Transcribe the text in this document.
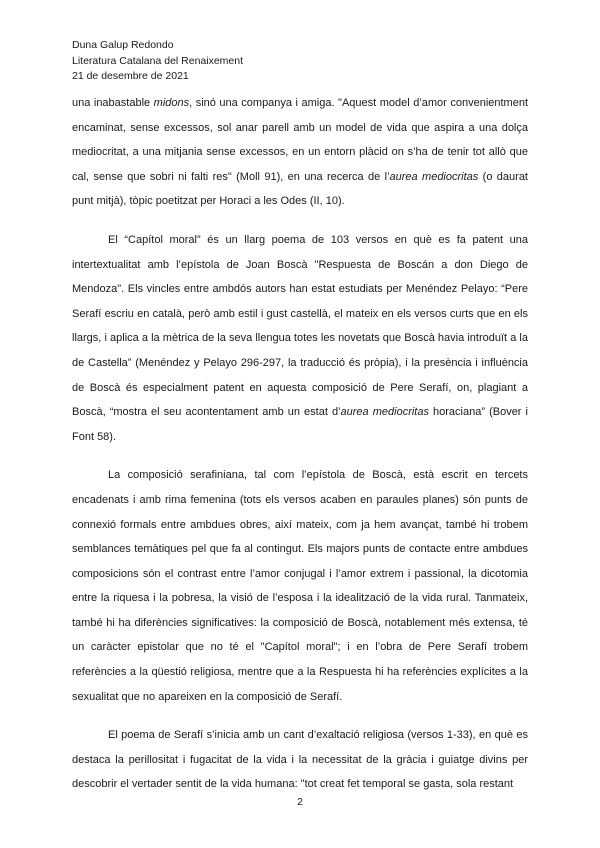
Duna Galup Redondo
Literatura Catalana del Renaixement
21 de desembre de 2021

una inabastable midons, sinó una companya i amiga. "Aquest model d’amor convenientment encaminat, sense excessos, sol anar parell amb un model de vida que aspira a una dolça mediocritat, a una mitjania sense excessos, en un entorn plàcid on s’ha de tenir tot allò que cal, sense que sobri ni falti res" (Moll 91), en una recerca de l’aurea mediocritas (o daurat punt mitjà), tòpic poetitzat per Horaci a les Odes (II, 10).

El “Capítol moral” és un llarg poema de 103 versos en què es fa patent una intertextualitat amb l’epístola de Joan Boscà "Respuesta de Boscán a don Diego de Mendoza". Els vincles entre ambdós autors han estat estudiats per Menéndez Pelayo: “Pere Serafí escriu en català, però amb estil i gust castellà, el mateix en els versos curts que en els llargs, i aplica a la mètrica de la seva llengua totes les novetats que Boscà havia introduït a la de Castella” (Menéndez y Pelayo 296-297, la traducció és pròpia), i la presència i influència de Boscà és especialment patent en aquesta composició de Pere Serafí, on, plagiant a Boscà, “mostra el seu acontentament amb un estat d’aurea mediocritas horaciana” (Bover i Font 58).

La composició serafiniana, tal com l’epístola de Boscà, està escrit en tercets encadenats i amb rima femenina (tots els versos acaben en paraules planes) són punts de connexió formals entre ambdues obres, així mateix, com ja hem avançat, també hi trobem semblances temàtiques pel que fa al contingut. Els majors punts de contacte entre ambdues composicions són el contrast entre l’amor conjugal i l’amor extrem i passional, la dicotomia entre la riquesa i la pobresa, la visió de l’esposa i la idealització de la vida rural. Tanmateix, també hi ha diferències significatives: la composició de Boscà, notablement més extensa, té un caràcter epistolar que no té el "Capítol moral"; i en l’obra de Pere Serafí trobem referències a la qüestió religiosa, mentre que a la Respuesta hi ha referències explícites a la sexualitat que no apareixen en la composició de Serafí.

El poema de Serafí s’inicia amb un cant d’exaltació religiosa (versos 1-33), en què es destaca la perillositat i fugacitat de la vida i la necessitat de la gràcia i guiatge divins per descobrir el vertader sentit de la vida humana: "tot creat fet temporal se gasta, sola restant

2
